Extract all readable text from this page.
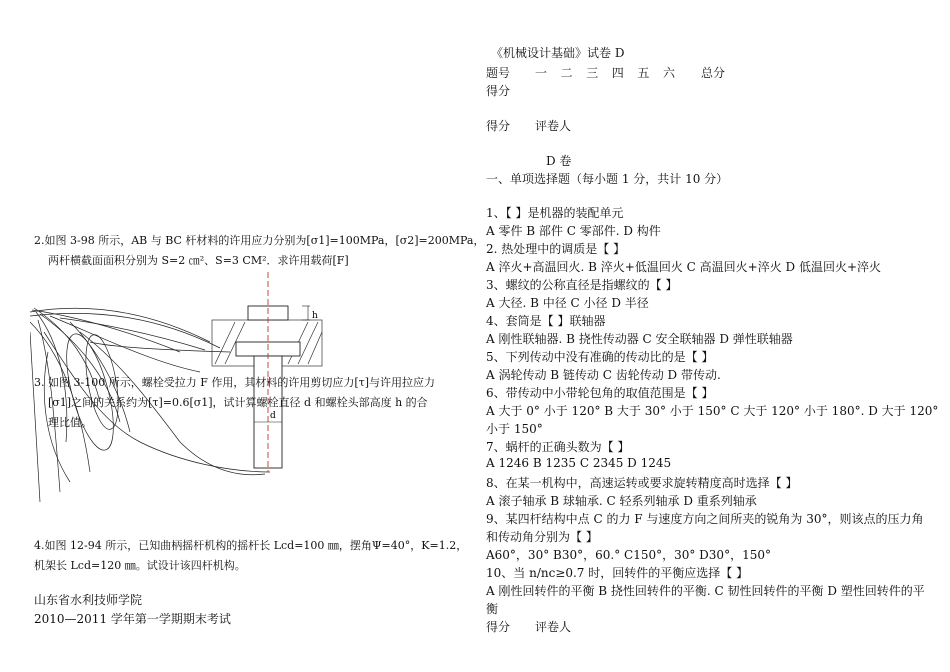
2.如图 3-98 所示，AB 与 BC 杆材料的许用应力分别为[σ1]=100MPa，[σ2]=200MPa，
两杆横截面面积分别为 S=2 ㎝²、S=3 CM²．求许用载荷[F]
h
d
3. 如图 3-100 所示，螺栓受拉力 F 作用，其材料的许用剪切应力[τ]与许用拉应力
[σ1]之间的关系约为[τ]=0.6[σ1]，试计算螺栓直径 d 和螺栓头部高度 h 的合
理比值。
4.如图 12-94 所示，已知曲柄摇杆机构的摇杆长 Lcd=100 ㎜，摆角Ψ=40°，K=1.2，
机架长 Lcd=120 ㎜。试设计该四杆机构。
山东省水利技师学院
2010—2011 学年第一学期期末考试
《机械设计基础》试卷 D
题号 一 二 三 四 五 六 总分
得分
得分 评卷人
D 卷
一、单项选择题（每小题 1 分，共计 10 分）
1、【 】是机器的装配单元
A 零件 B 部件 C 零部件. D 构件
2. 热处理中的调质是【 】
A 淬火+高温回火. B 淬火+低温回火 C 高温回火+淬火 D 低温回火+淬火
3、螺纹的公称直径是指螺纹的【 】
A 大径. B 中径 C 小径 D 半径
4、套筒是【 】联轴器
A 刚性联轴器. B 挠性传动器 C 安全联轴器 D 弹性联轴器
5、下列传动中没有准确的传动比的是【 】
A 涡轮传动 B 链传动 C 齿轮传动 D 带传动.
6、带传动中小带轮包角的取值范围是【 】
A 大于 0° 小于 120° B 大于 30° 小于 150° C 大于 120° 小于 180°. D 大于 120°
小于 150°
7、蜗杆的正确头数为【 】
A 1246 B 1235 C 2345 D 1245
8、在某一机构中，高速运转或要求旋转精度高时选择【 】
A 滚子轴承 B 球轴承. C 轻系列轴承 D 重系列轴承
9、某四杆结构中点 C 的力 F 与速度方向之间所夹的锐角为 30°，则该点的压力角
和传动角分别为【 】
A60°，30° B30°，60.° C150°，30° D30°，150°
10、当 n/nc≥0.7 时，回转件的平衡应选择【 】
A 刚性回转件的平衡 B 挠性回转件的平衡. C 韧性回转件的平衡 D 塑性回转件的平
衡
得分 评卷人
